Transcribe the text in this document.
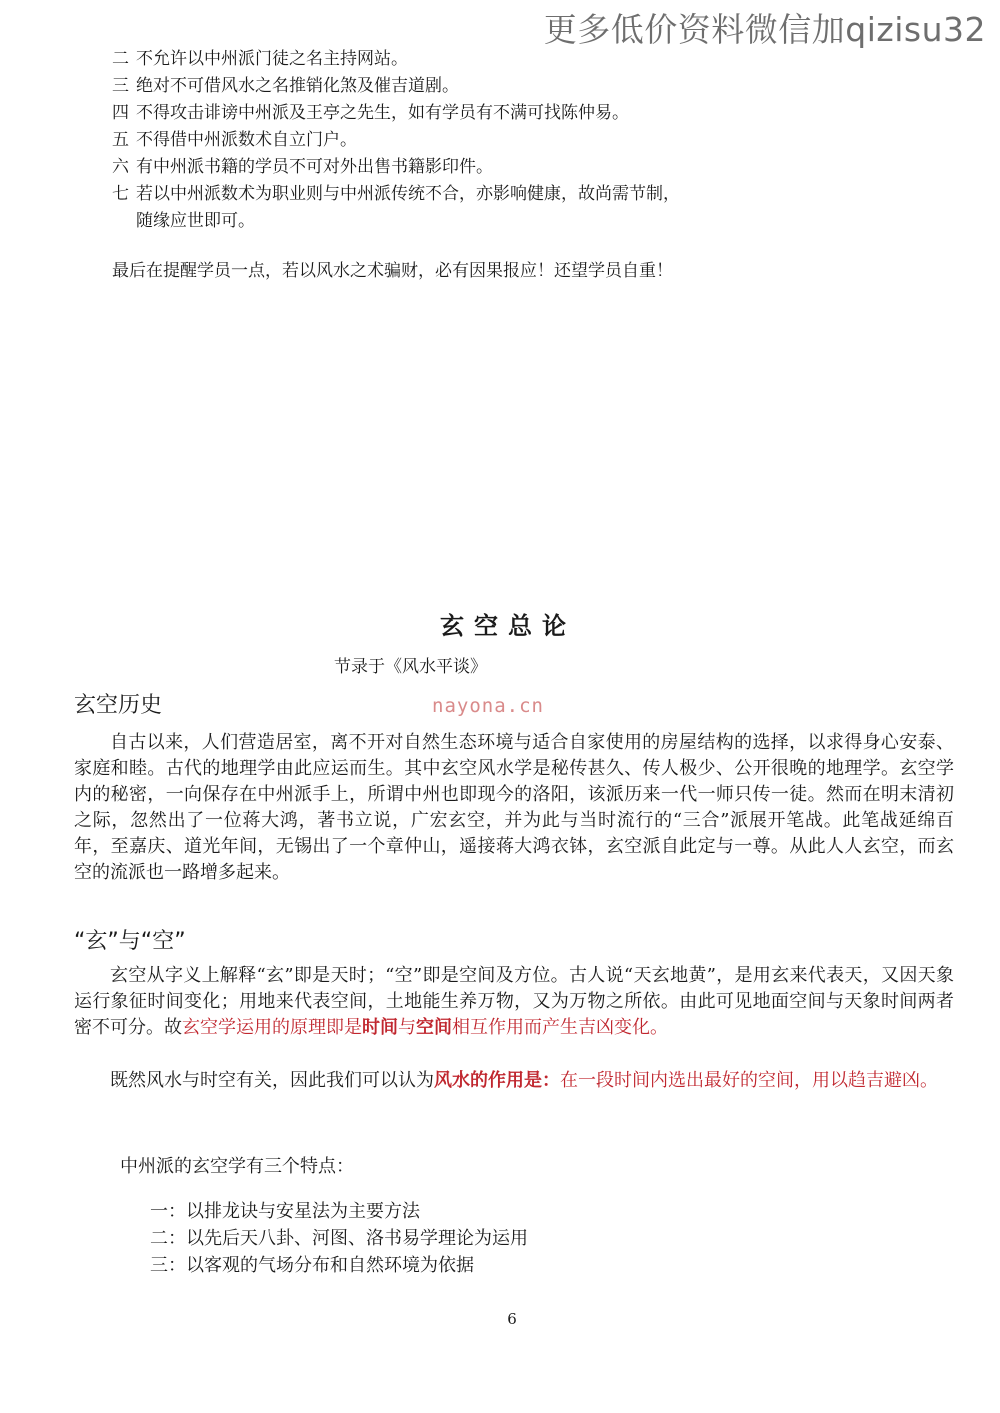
更多低价资料微信加qizisu32
二 不允许以中州派门徒之名主持网站。
三 绝对不可借风水之名推销化煞及催吉道剧。
四 不得攻击诽谤中州派及王亭之先生，如有学员有不满可找陈仲易。
五 不得借中州派数术自立门户。
六 有中州派书籍的学员不可对外出售书籍影印件。
七 若以中州派数术为职业则与中州派传统不合，亦影响健康，故尚需节制，
随缘应世即可。
最后在提醒学员一点，若以风水之术骗财，必有因果报应！还望学员自重！
玄空总论
节录于《风水平谈》
玄空历史	nayona.cn

自古以来，人们营造居室，离不开对自然生态环境与适合自家使用的房屋结构的选择，以求得身心安泰、家庭和睦。古代的地理学由此应运而生。其中玄空风水学是秘传甚久、传人极少、公开很晚的地理学。玄空学内的秘密，一向保存在中州派手上，所谓中州也即现今的洛阳，该派历来一代一师只传一徒。然而在明末清初之际，忽然出了一位蒋大鸿，著书立说，广宏玄空，并为此与当时流行的“三合”派展开笔战。此笔战延绵百年，至嘉庆、道光年间，无锡出了一个章仲山，遥接蒋大鸿衣钵，玄空派自此定与一尊。从此人人玄空，而玄空的流派也一路增多起来。

“玄”与“空”

玄空从字义上解释“玄”即是天时；“空”即是空间及方位。古人说“天玄地黄”，是用玄来代表天，又因天象运行象征时间变化；用地来代表空间，土地能生养万物，又为万物之所依。由此可见地面空间与天象时间两者密不可分。故玄空学运用的原理即是时间与空间相互作用而产生吉凶变化。

既然风水与时空有关，因此我们可以认为风水的作用是：在一段时间内选出最好的空间，用以趋吉避凶。

中州派的玄空学有三个特点：
一：以排龙诀与安星法为主要方法
二：以先后天八卦、河图、洛书易学理论为运用
三：以客观的气场分布和自然环境为依据
6
